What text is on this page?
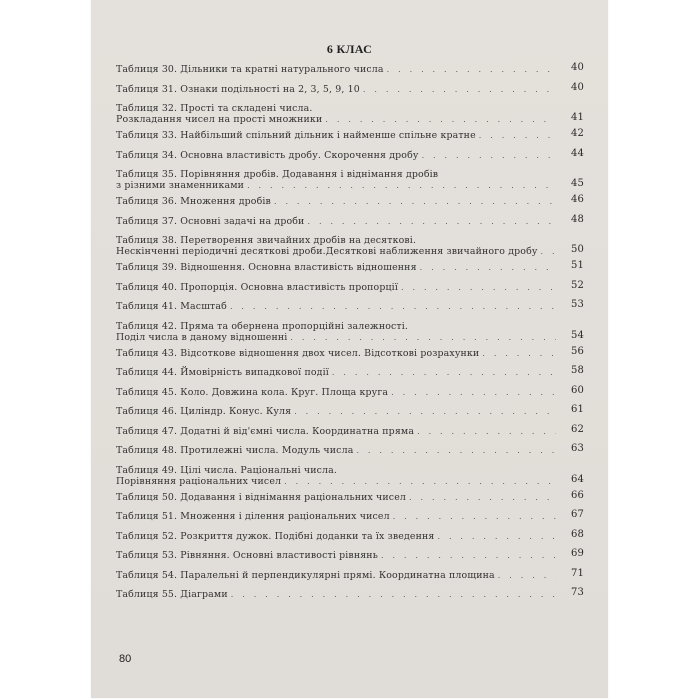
6 КЛАС
Таблиця 30. Дільники та кратні натурального числа . . .	40
Таблиця 31. Ознаки подільності на 2, 3, 5, 9, 10 . . .	40
Таблиця 32. Прості та складені числа.
Розкладання чисел на прості множники . . .	41
Таблиця 33. Найбільший спільний дільник і найменше спільне кратне . . .	42
Таблиця 34. Основна властивість дробу. Скорочення дробу . . .	44
Таблиця 35. Порівняння дробів. Додавання і віднімання дробів
з різними знаменниками . . .	45
Таблиця 36. Множення дробів . . .	46
Таблиця 37. Основні задачі на дроби . . .	48
Таблиця 38. Перетворення звичайних дробів на десяткові.
Нескінченні періодичні десяткові дроби.Десяткові наближення звичайного дробу . . .	50
Таблиця 39. Відношення. Основна властивість відношення . . .	51
Таблиця 40. Пропорція. Основна властивість пропорції . . .	52
Таблиця 41. Масштаб . . .	53
Таблиця 42. Пряма та обернена пропорційні залежності.
Поділ числа в даному відношенні . . .	54
Таблиця 43. Відсоткове відношення двох чисел. Відсоткові розрахунки . . .	56
Таблиця 44. Ймовірність випадкової події . . .	58
Таблиця 45. Коло. Довжина кола. Круг. Площа круга . . .	60
Таблиця 46. Циліндр. Конус. Куля . . .	61
Таблиця 47. Додатні й від'ємні числа. Координатна пряма . . .	62
Таблиця 48. Протилежні числа. Модуль числа . . .	63
Таблиця 49. Цілі числа. Раціональні числа.
Порівняння раціональних чисел . . .	64
Таблиця 50. Додавання і віднімання раціональних чисел . . .	66
Таблиця 51. Множення і ділення раціональних чисел . . .	67
Таблиця 52. Розкриття дужок. Подібні доданки та їх зведення . . .	68
Таблиця 53. Рівняння. Основні властивості рівнянь . . .	69
Таблиця 54. Паралельні й перпендикулярні прямі. Координатна площина . . .	71
Таблиця 55. Діаграми . . .	73
80
